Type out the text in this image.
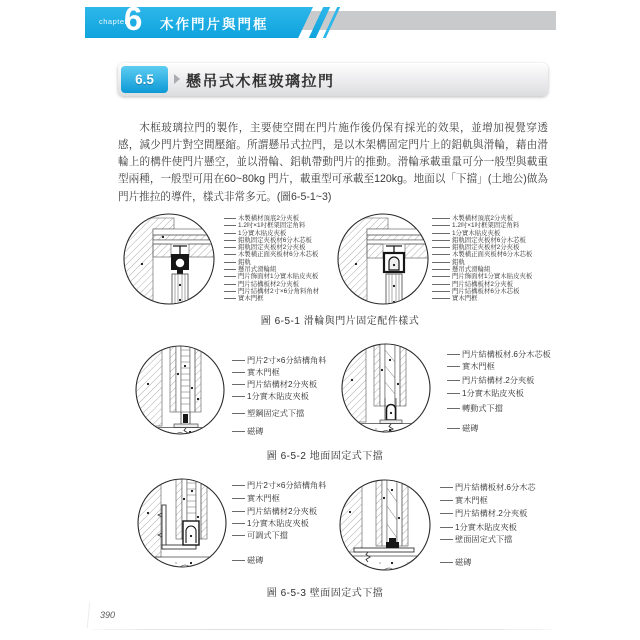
chapter
6 木作門片與門框
6.5	懸吊式木框玻璃拉門

木框玻璃拉門的製作，主要使空間在門片施作後仍保有採光的效果，並增加視覺穿透感，減少門片對空間壓縮。所謂懸吊式拉門，是以木架構固定門片上的鋁軌與滑輪，藉由滑輪上的構件使門片懸空，並以滑輪、鋁軌帶動門片的推動。滑輪承載重量可分一般型與載重型兩種，一般型可用在60~80kg 門片，載重型可承載至120kg。地面以「下擋」(土地公)做為門片推拉的導件，樣式非常多元。(圖6-5-1~3)

木製橫材頂底2分夾板
1.2吋×1吋框架固定角料
1分實木貼皮夾板
鋁軌固定夾板材6分木芯板
鋁軌固定夾板材2分夾板
木製橫正面夾板材6分木芯板
鋁軌
懸吊式滑輪組
門片飾面材1分實木貼皮夾板
門片結構板材2分夾板
門片結構材2寸×6分角料角材
實木門框
木製橫材頂底2分夾板
1.2吋×1吋框架固定角料
1分實木貼皮夾板
鋁軌固定夾板材6分木芯板
鋁軌固定夾板材2分夾板
木製橫正面夾板材6分木芯板
鋁軌
懸吊式滑輪組
門片飾面材1分實木貼皮夾板
門片結構板材2分夾板
門片結構板材6分木芯板
實木門框
圖 6-5-1 滑輪與門片固定配件樣式
門片2寸×6分結構角料
實木門框
門片結構材2分夾板
1分實木貼皮夾板
塑鋼固定式下擋
磁磚
門片結構板材.6分木芯板
實木門框
門片結構材.2分夾板
1分實木貼皮夾板
轉動式下擋
磁磚
圖 6-5-2 地面固定式下擋
門片2寸×6分結構角料
實木門框
門片結構材2分夾板
1分實木貼皮夾板
可調式下擋
磁磚
門片結構板材.6分木芯
實木門框
門片結構材.2分夾板
1分實木貼皮夾板
壁面固定式下擋
磁磚
圖 6-5-3 壁面固定式下擋
390
